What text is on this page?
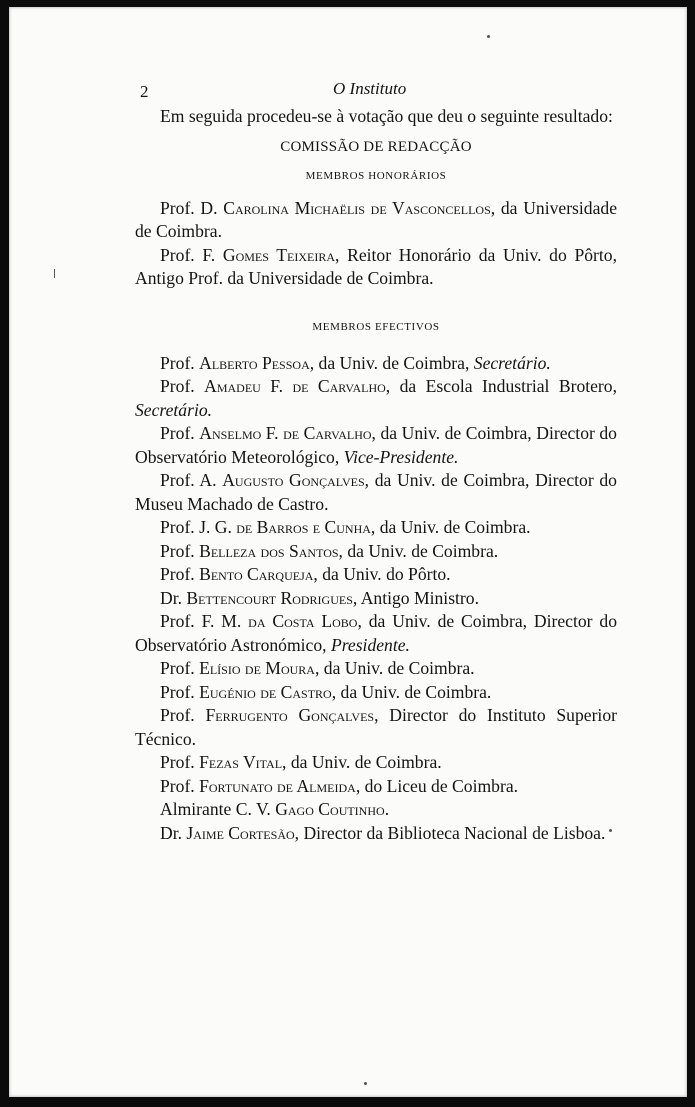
2	O Instituto

Em seguida procedeu-se à votação que deu o seguinte resultado:

COMISSÃO DE REDACÇÃO
MEMBROS HONORÁRIOS

Prof. D. Carolina Michaëlis de Vasconcellos, da Universidade de Coimbra.

Prof. F. Gomes Teixeira, Reitor Honorário da Univ. do Pôrto, Antigo Prof. da Universidade de Coimbra.

MEMBROS EFECTIVOS

Prof. Alberto Pessoa, da Univ. de Coimbra, Secretário.

Prof. Amadeu F. de Carvalho, da Escola Industrial Brotero, Secretário.

Prof. Anselmo F. de Carvalho, da Univ. de Coimbra, Director do Observatório Meteorológico, Vice-Presidente.

Prof. A. Augusto Gonçalves, da Univ. de Coimbra, Director do Museu Machado de Castro.

Prof. J. G. de Barros e Cunha, da Univ. de Coimbra.

Prof. Belleza dos Santos, da Univ. de Coimbra.

Prof. Bento Carqueja, da Univ. do Pôrto.

Dr. Bettencourt Rodrigues, Antigo Ministro.

Prof. F. M. da Costa Lobo, da Univ. de Coimbra, Director do Observatório Astronómico, Presidente.

Prof. Elísio de Moura, da Univ. de Coimbra.

Prof. Eugénio de Castro, da Univ. de Coimbra.

Prof. Ferrugento Gonçalves, Director do Instituto Superior Técnico.

Prof. Fezas Vital, da Univ. de Coimbra.

Prof. Fortunato de Almeida, do Liceu de Coimbra.

Almirante C. V. Gago Coutinho.

Dr. Jaime Cortesão, Director da Biblioteca Nacional de Lisboa.
